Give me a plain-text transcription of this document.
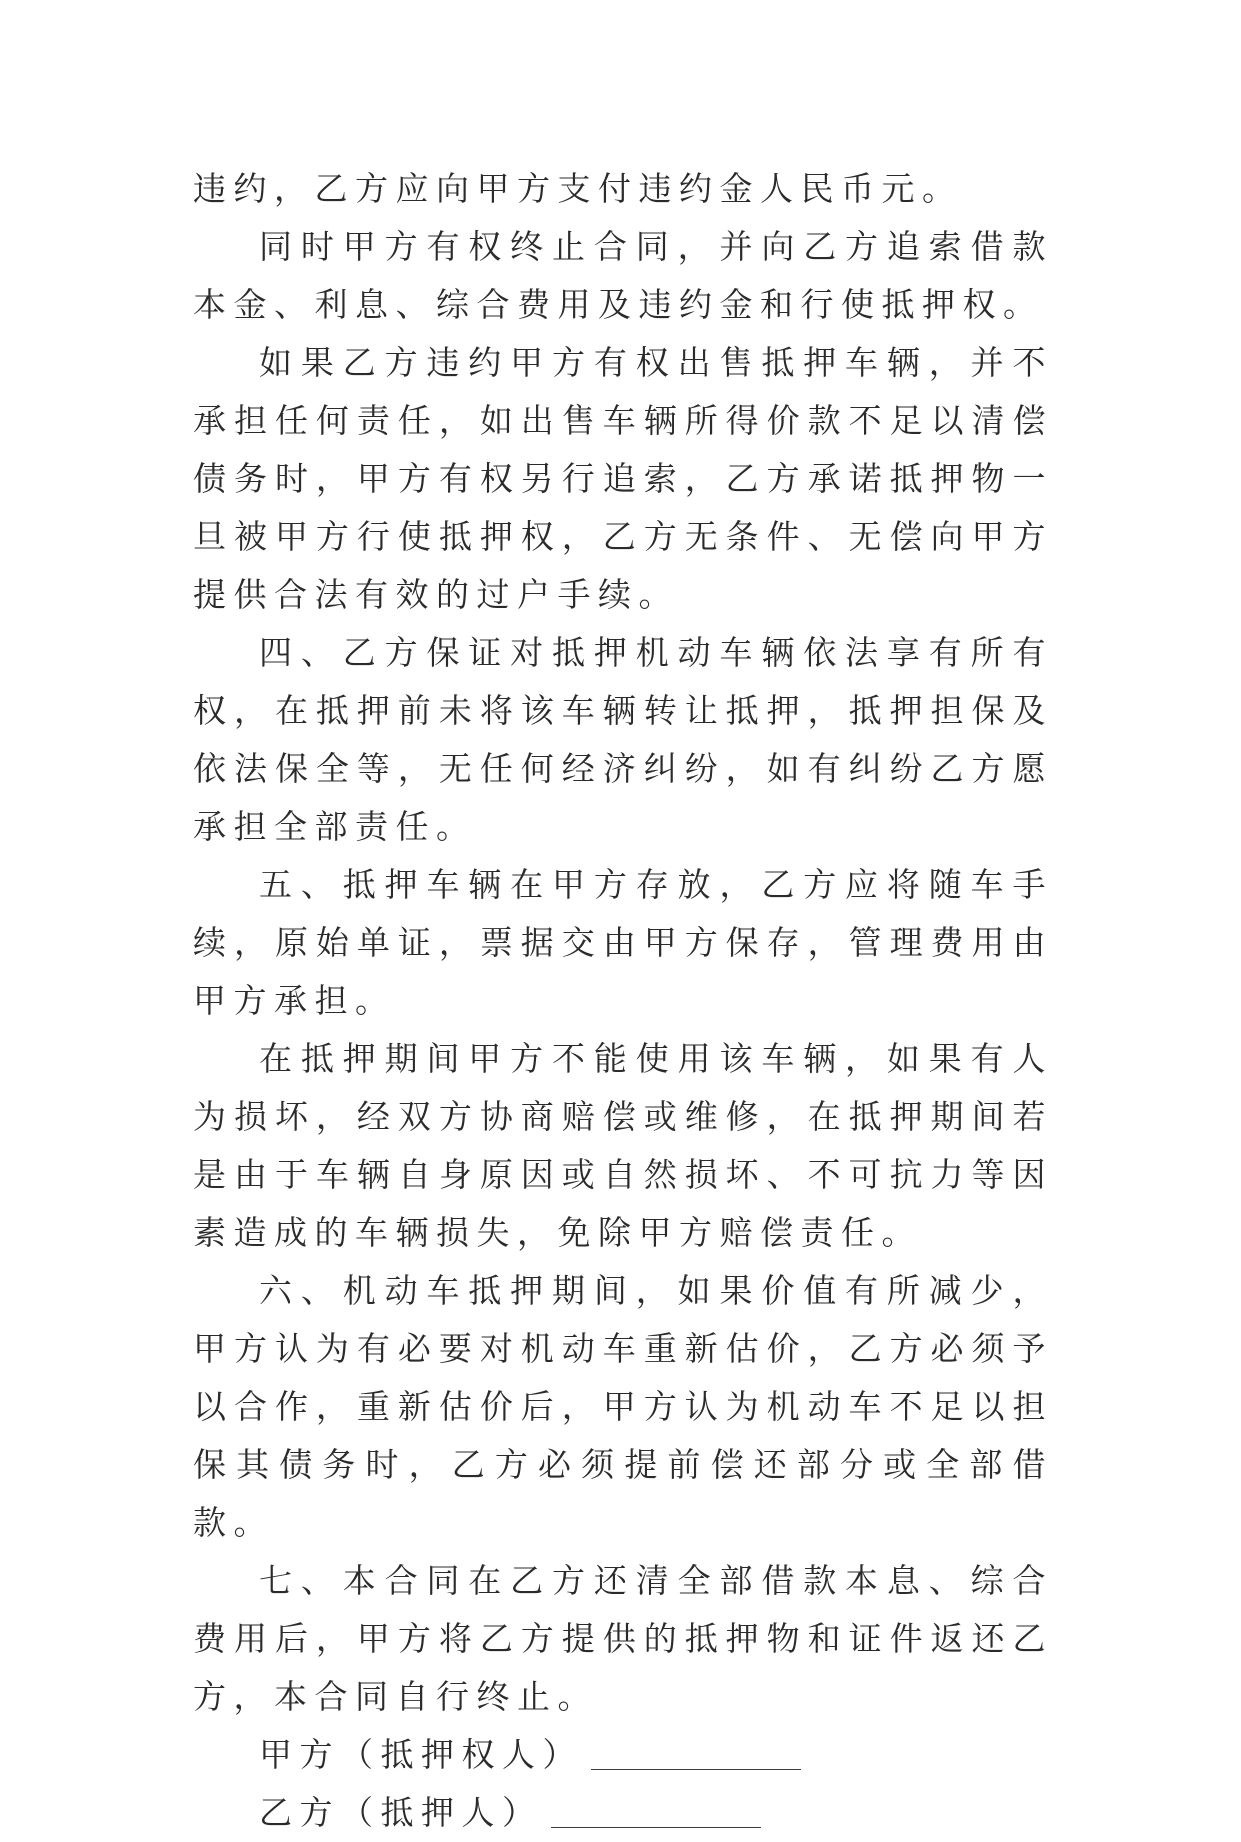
违约，乙方应向甲方支付违约金人民币元。

同时甲方有权终止合同，并向乙方追索借款本金、利息、综合费用及违约金和行使抵押权。

如果乙方违约甲方有权出售抵押车辆，并不承担任何责任，如出售车辆所得价款不足以清偿债务时，甲方有权另行追索，乙方承诺抵押物一旦被甲方行使抵押权，乙方无条件、无偿向甲方提供合法有效的过户手续。

四、乙方保证对抵押机动车辆依法享有所有权，在抵押前未将该车辆转让抵押，抵押担保及依法保全等，无任何经济纠纷，如有纠纷乙方愿承担全部责任。

五、抵押车辆在甲方存放，乙方应将随车手续，原始单证，票据交由甲方保存，管理费用由甲方承担。

在抵押期间甲方不能使用该车辆，如果有人为损坏，经双方协商赔偿或维修，在抵押期间若是由于车辆自身原因或自然损坏、不可抗力等因素造成的车辆损失，免除甲方赔偿责任。

六、机动车抵押期间，如果价值有所减少，甲方认为有必要对机动车重新估价，乙方必须予以合作，重新估价后，甲方认为机动车不足以担保其债务时，乙方必须提前偿还部分或全部借款。

七、本合同在乙方还清全部借款本息、综合费用后，甲方将乙方提供的抵押物和证件返还乙方，本合同自行终止。

甲方（抵押权人）

乙方（抵押人）
